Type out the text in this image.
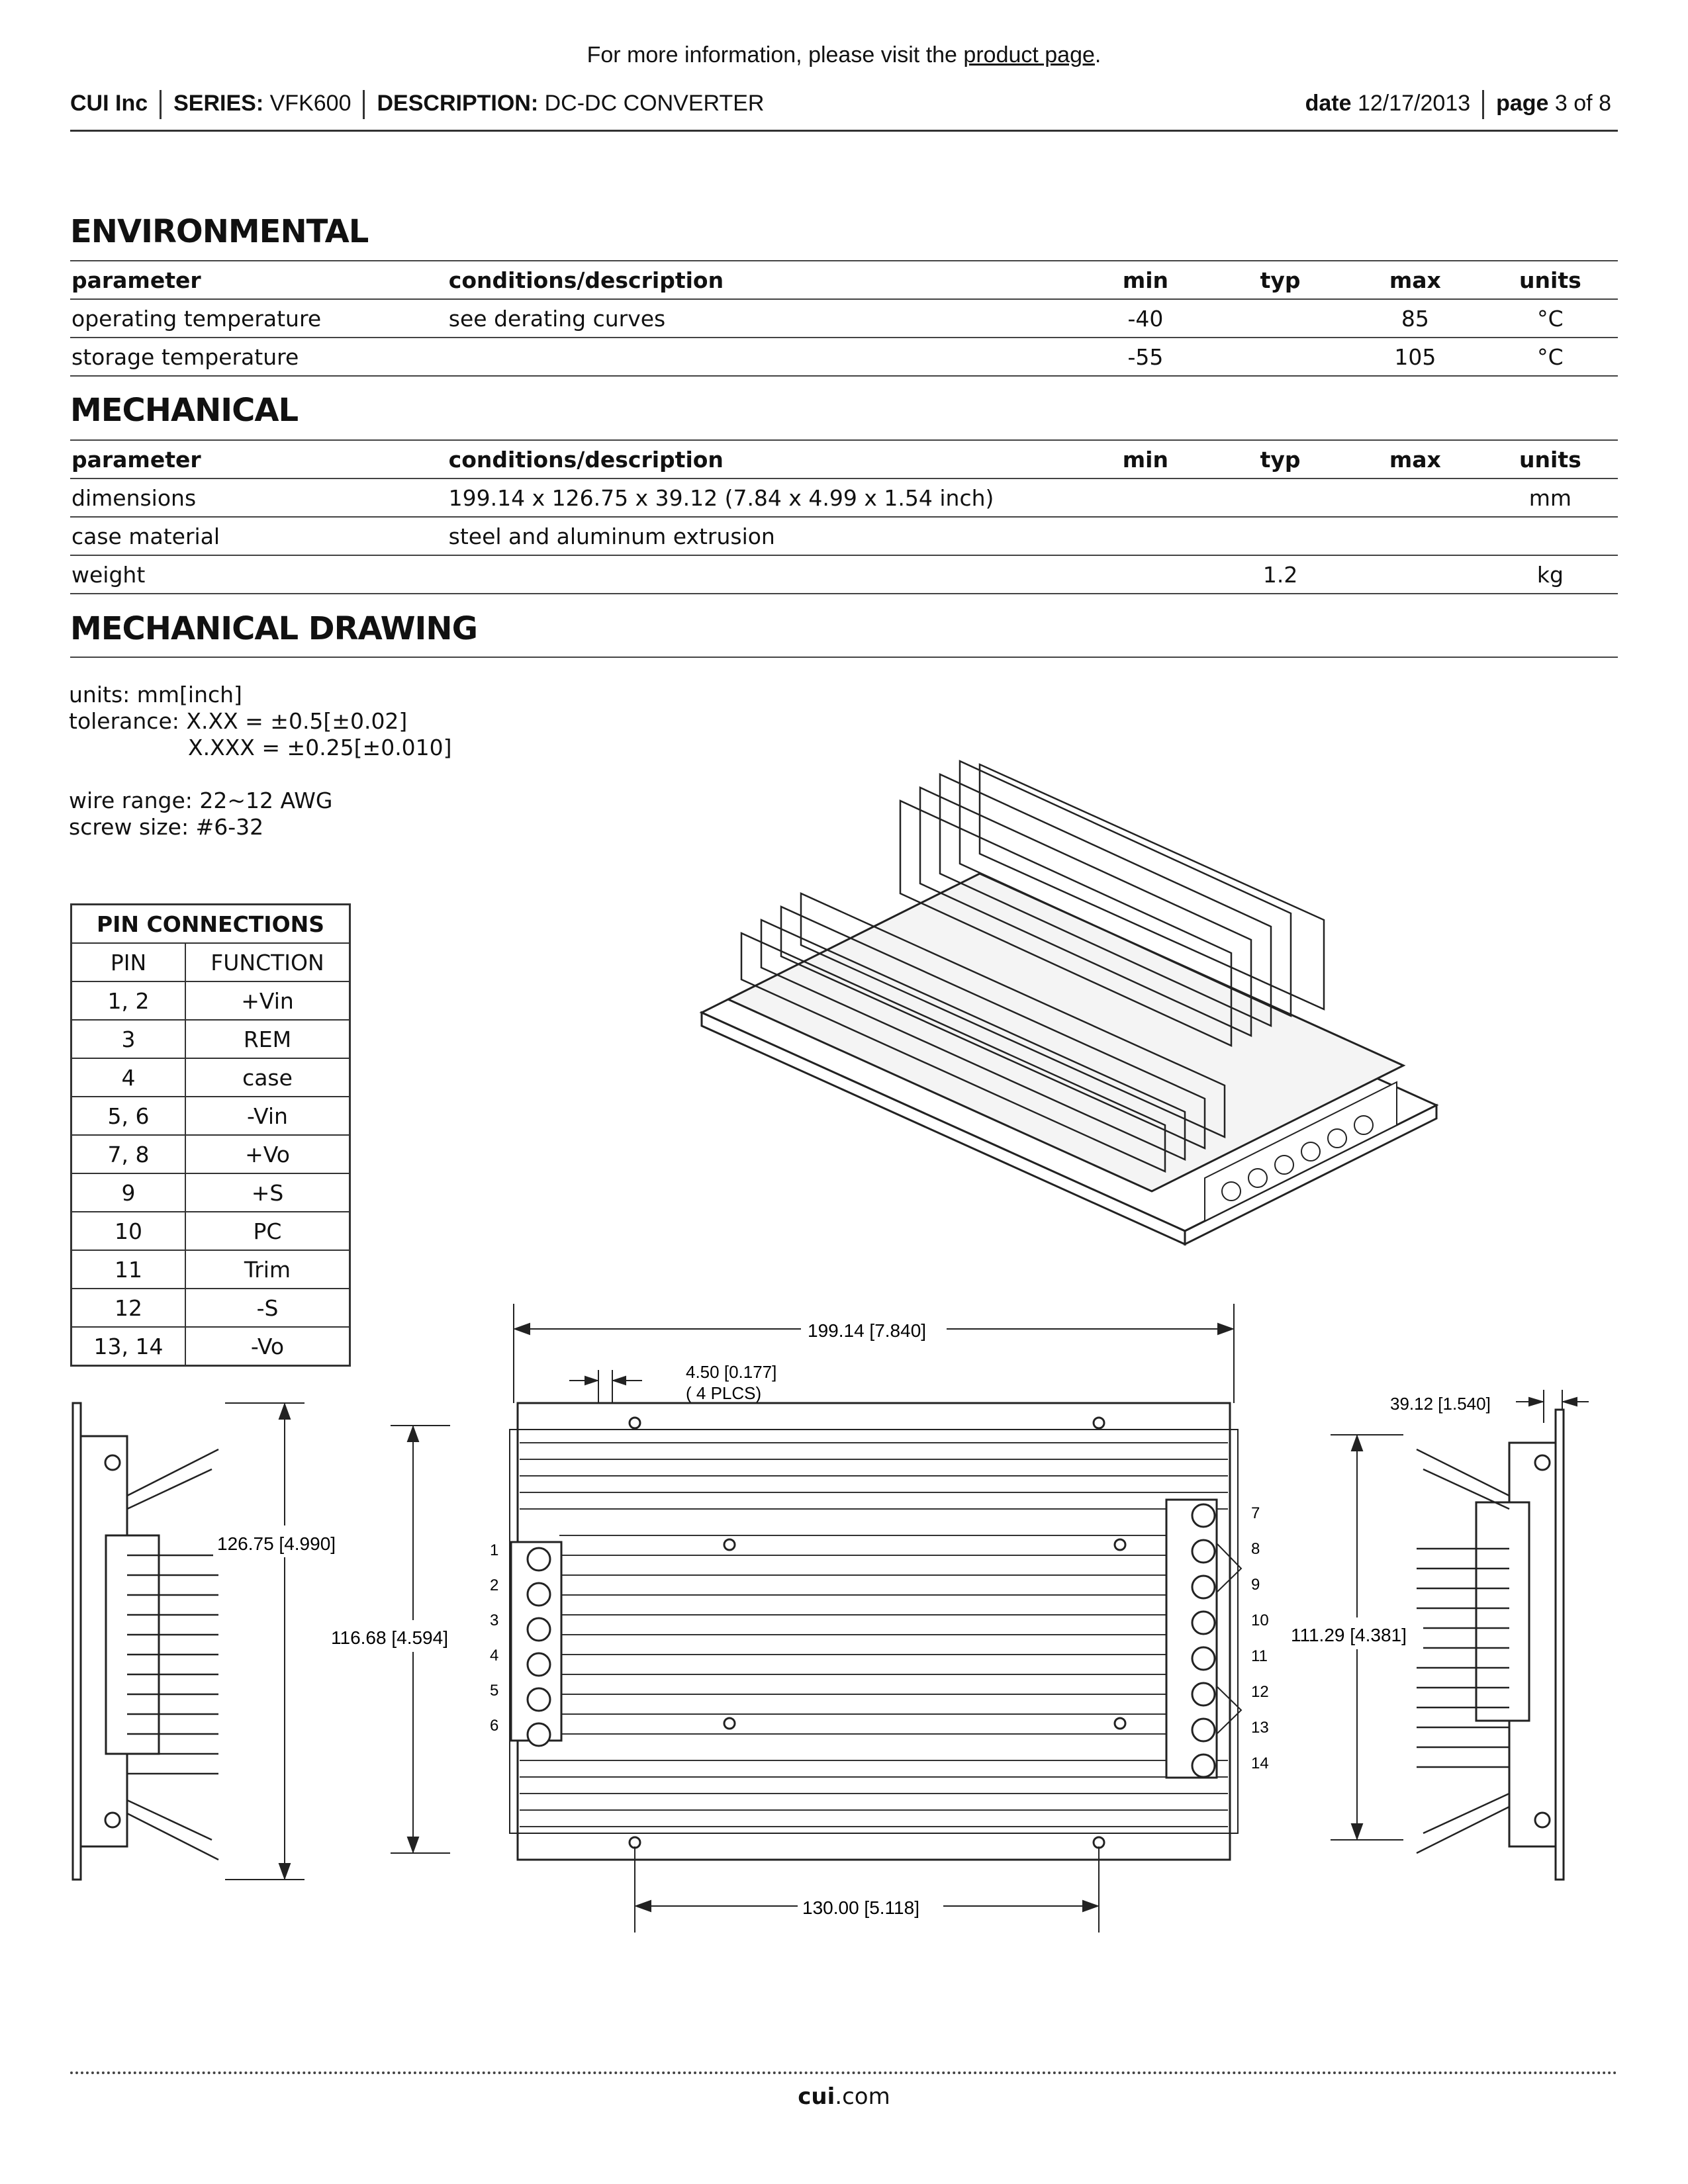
For more information, please visit the product page.
CUI Inc SERIES: VFK600 DESCRIPTION: DC-DC CONVERTER	date 12/17/2013 page 3 of 8
ENVIRONMENTAL
parameter	conditions/description	min	typ	max	units
operating temperature	see derating curves	-40		85	°C
storage temperature		-55		105	°C
MECHANICAL
parameter	conditions/description	min	typ	max	units
dimensions	199.14 x 126.75 x 39.12 (7.84 x 4.99 x 1.54 inch)				mm
case material	steel and aluminum extrusion				
weight			1.2		kg
MECHANICAL DRAWING
units: mm[inch]
tolerance: X.XX = ±0.5[±0.02]
X.XXX = ±0.25[±0.010]
wire range: 22~12 AWG
screw size: #6-32
PIN CONNECTIONS	
PIN	FUNCTION
1, 2	+Vin
3	REM
4	case
5, 6	-Vin
7, 8	+Vo
9	+S
10	PC
11	Trim
12	-S
13, 14	-Vo
126.75 [4.990]
199.14 [7.840]
4.50 [0.177]
( 4 PLCS)
1
2
3
4
5
6
7
8
9
10
11
12
13
14
116.68 [4.594]
130.00 [5.118]
39.12 [1.540]
111.29 [4.381]
cui.com
